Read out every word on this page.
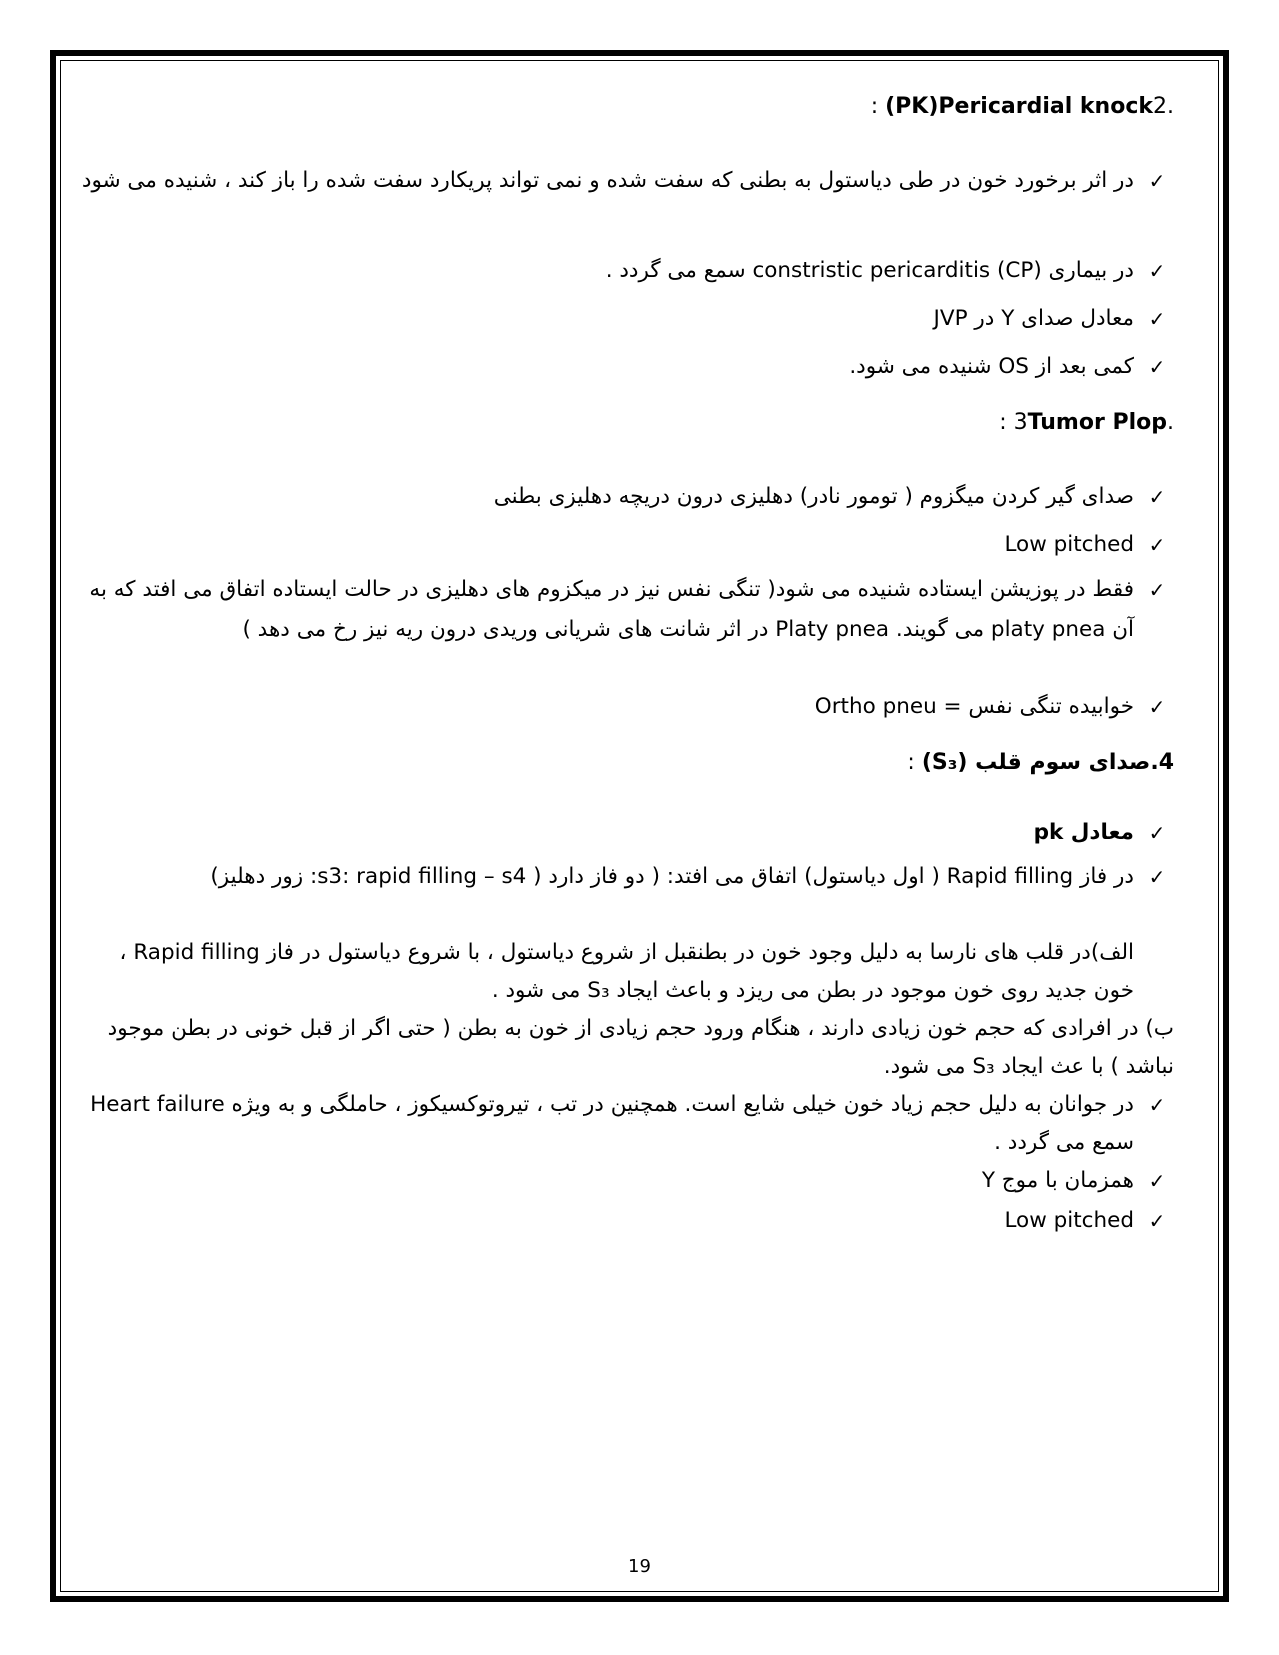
.2(PK)Pericardial knock :
✓
در اثر برخورد خون در طی دیاستول به بطنی که سفت شده و نمی تواند پریکارد سفت شده را باز کند ، شنیده می شود
✓
در بیماری constristic pericarditis (CP) سمع می گردد .
✓
معادل صدای Y در JVP
✓
کمی بعد از OS شنیده می شود.
.3Tumor Plop :
✓
صدای گیر کردن میگزوم ( تومور نادر) دهلیزی درون دریچه دهلیزی بطنی
✓
Low pitched
✓
فقط در پوزیشن ایستاده شنیده می شود( تنگی نفس نیز در میکزوم های دهلیزی در حالت ایستاده اتفاق می افتد که به آن platy pnea می گویند. Platy pnea در اثر شانت های شریانی وریدی درون ریه نیز رخ می دهد )
✓
خوابیده تنگی نفس = Ortho pneu
4.صدای سوم قلب (S₃) :
✓
معادل pk
✓
در فاز Rapid filling ( اول دیاستول) اتفاق می افتد: ( دو فاز دارد ( s3: rapid filling – s4: زور دهلیز)
الف)در قلب های نارسا به دلیل وجود خون در بطنقبل از شروع دیاستول ، با شروع دیاستول در فاز Rapid filling ، خون جدید روی خون موجود در بطن می ریزد و باعث ایجاد S₃ می شود .
ب) در افرادی که حجم خون زیادی دارند ، هنگام ورود حجم زیادی از خون به بطن ( حتی اگر از قبل خونی در بطن موجود نباشد ) با عث ایجاد S₃ می شود.
✓
در جوانان به دلیل حجم زیاد خون خیلی شایع است. همچنین در تب ، تیروتوکسیکوز ، حاملگی و به ویژه Heart failure سمع می گردد .
✓
همزمان با موج Y
✓
Low pitched
19
